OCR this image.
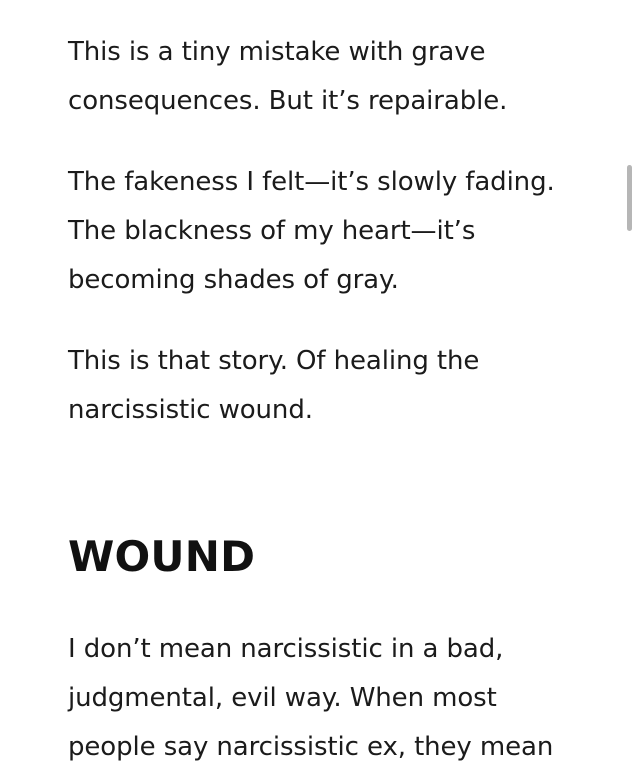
This is a tiny mistake with grave consequences. But it’s repairable.

The fakeness I felt—it’s slowly fading. The blackness of my heart—it’s becoming shades of gray.

This is that story. Of healing the narcissistic wound.

WOUND

I don’t mean narcissistic in a bad, judgmental, evil way. When most people say narcissistic ex, they mean
